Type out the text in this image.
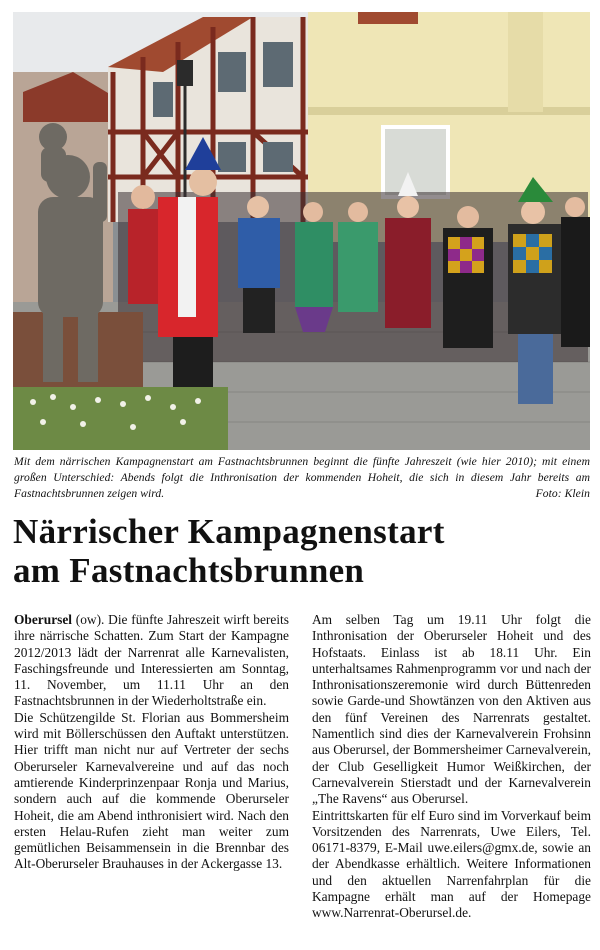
Mit dem närrischen Kampagnenstart am Fastnachtsbrunnen beginnt die fünfte Jahreszeit (wie hier 2010); mit einem großen Unterschied: Abends folgt die Inthronisation der kommenden Hoheit, die sich in diesem Jahr bereits am Fastnachtsbrunnen zeigen wird.	Foto: Klein
Närrischer Kampagnenstart
am Fastnachtsbrunnen

Oberursel (ow). Die fünfte Jahreszeit wirft bereits ihre närrische Schatten. Zum Start der Kampagne 2012/2013 lädt der Narrenrat alle Karnevalisten, Faschingsfreunde und Interessierten am Sonntag, 11. November, um 11.11 Uhr an den Fastnachtsbrunnen in der Wiederholtstraße ein.

Die Schützengilde St. Florian aus Bommersheim wird mit Böllerschüssen den Auftakt unterstützen. Hier trifft man nicht nur auf Vertreter der sechs Oberurseler Karnevalvereine und auf das noch amtierende Kinderprinzenpaar Ronja und Marius, sondern auch auf die kommende Oberurseler Hoheit, die am Abend inthronisiert wird. Nach den ersten Helau-Rufen zieht man weiter zum gemütlichen Beisammensein in die Brennbar des Alt-Oberurseler Brauhauses in der Ackergasse 13.

Am selben Tag um 19.11 Uhr folgt die Inthronisation der Oberurseler Hoheit und des Hofstaats. Einlass ist ab 18.11 Uhr. Ein unterhaltsames Rahmenprogramm vor und nach der Inthronisationszeremonie wird durch Büttenreden sowie Garde-und Showtänzen von den Aktiven aus den fünf Vereinen des Narrenrats gestaltet. Namentlich sind dies der Karnevalverein Frohsinn aus Oberursel, der Bommersheimer Carnevalverein, der Club Geselligkeit Humor Weißkirchen, der Carnevalverein Stierstadt und der Karnevalverein „The Ravens“ aus Oberursel.

Eintrittskarten für elf Euro sind im Vorverkauf beim Vorsitzenden des Narrenrats, Uwe Eilers, Tel. 06171-8379, E-Mail uwe.eilers@gmx.de, sowie an der Abendkasse erhältlich. Weitere Informationen und den aktuellen Narrenfahrplan für die Kampagne erhält man auf der Homepage www.Narrenrat-Oberursel.de.
